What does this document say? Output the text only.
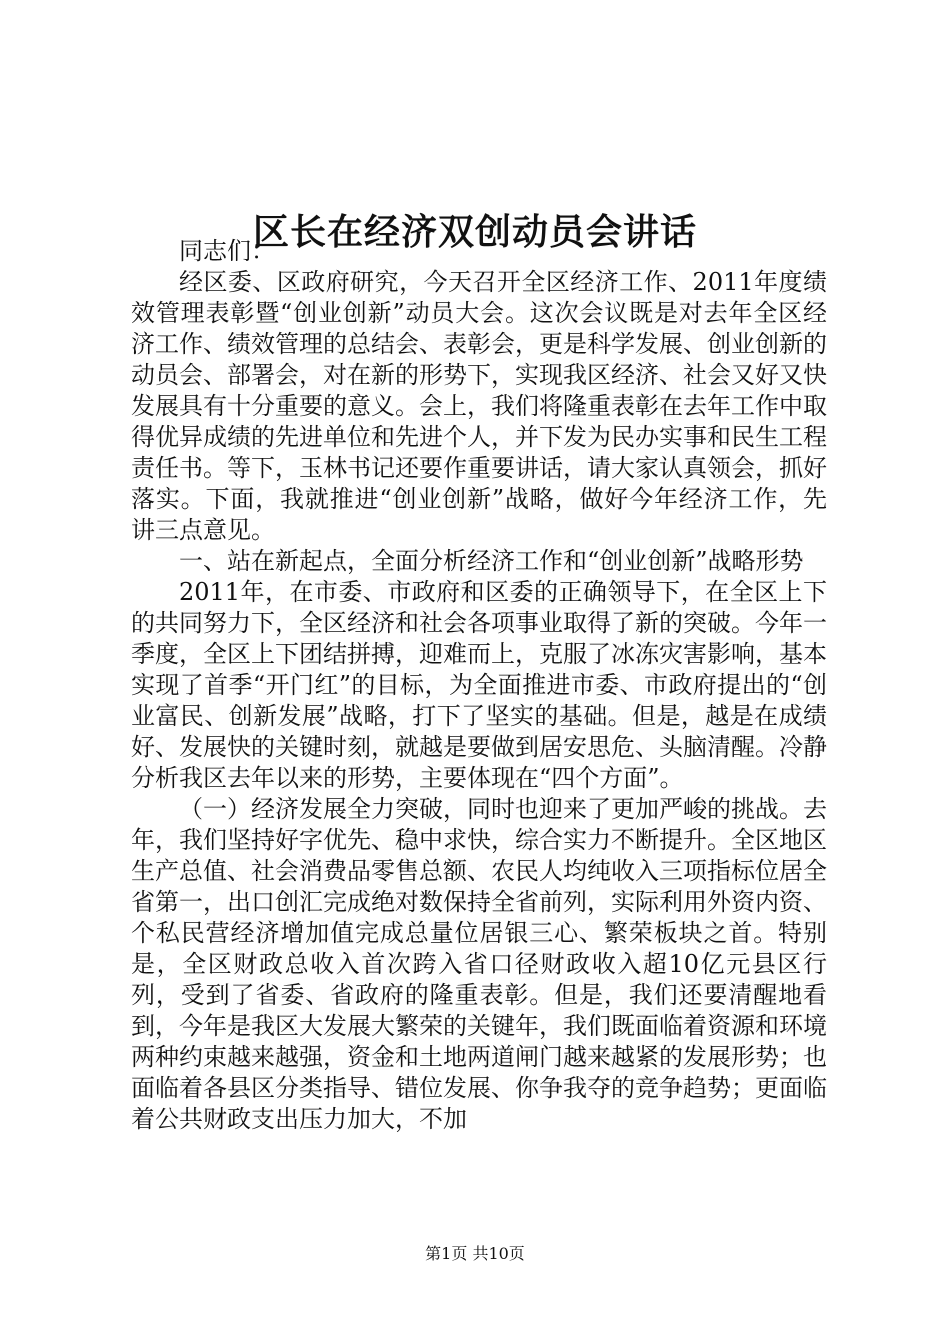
区长在经济双创动员会讲话

同志们：

经区委、区政府研究，今天召开全区经济工作、2011年度绩效管理表彰暨“创业创新”动员大会。这次会议既是对去年全区经济工作、绩效管理的总结会、表彰会，更是科学发展、创业创新的动员会、部署会，对在新的形势下，实现我区经济、社会又好又快发展具有十分重要的意义。会上，我们将隆重表彰在去年工作中取得优异成绩的先进单位和先进个人，并下发为民办实事和民生工程责任书。等下，玉林书记还要作重要讲话，请大家认真领会，抓好落实。下面，我就推进“创业创新”战略，做好今年经济工作，先讲三点意见。

一、站在新起点，全面分析经济工作和“创业创新”战略形势

2011年，在市委、市政府和区委的正确领导下，在全区上下的共同努力下，全区经济和社会各项事业取得了新的突破。今年一季度，全区上下团结拼搏，迎难而上，克服了冰冻灾害影响，基本实现了首季“开门红”的目标，为全面推进市委、市政府提出的“创业富民、创新发展”战略，打下了坚实的基础。但是，越是在成绩好、发展快的关键时刻，就越是要做到居安思危、头脑清醒。冷静分析我区去年以来的形势，主要体现在“四个方面”。

（一）经济发展全力突破，同时也迎来了更加严峻的挑战。去年，我们坚持好字优先、稳中求快，综合实力不断提升。全区地区生产总值、社会消费品零售总额、农民人均纯收入三项指标位居全省第一，出口创汇完成绝对数保持全省前列，实际利用外资内资、个私民营经济增加值完成总量位居银三心、繁荣板块之首。特别是，全区财政总收入首次跨入省口径财政收入超10亿元县区行列，受到了省委、省政府的隆重表彰。但是，我们还要清醒地看到，今年是我区大发展大繁荣的关键年，我们既面临着资源和环境两种约束越来越强，资金和土地两道闸门越来越紧的发展形势；也面临着各县区分类指导、错位发展、你争我夺的竞争趋势；更面临着公共财政支出压力加大，不加

第1页 共10页
